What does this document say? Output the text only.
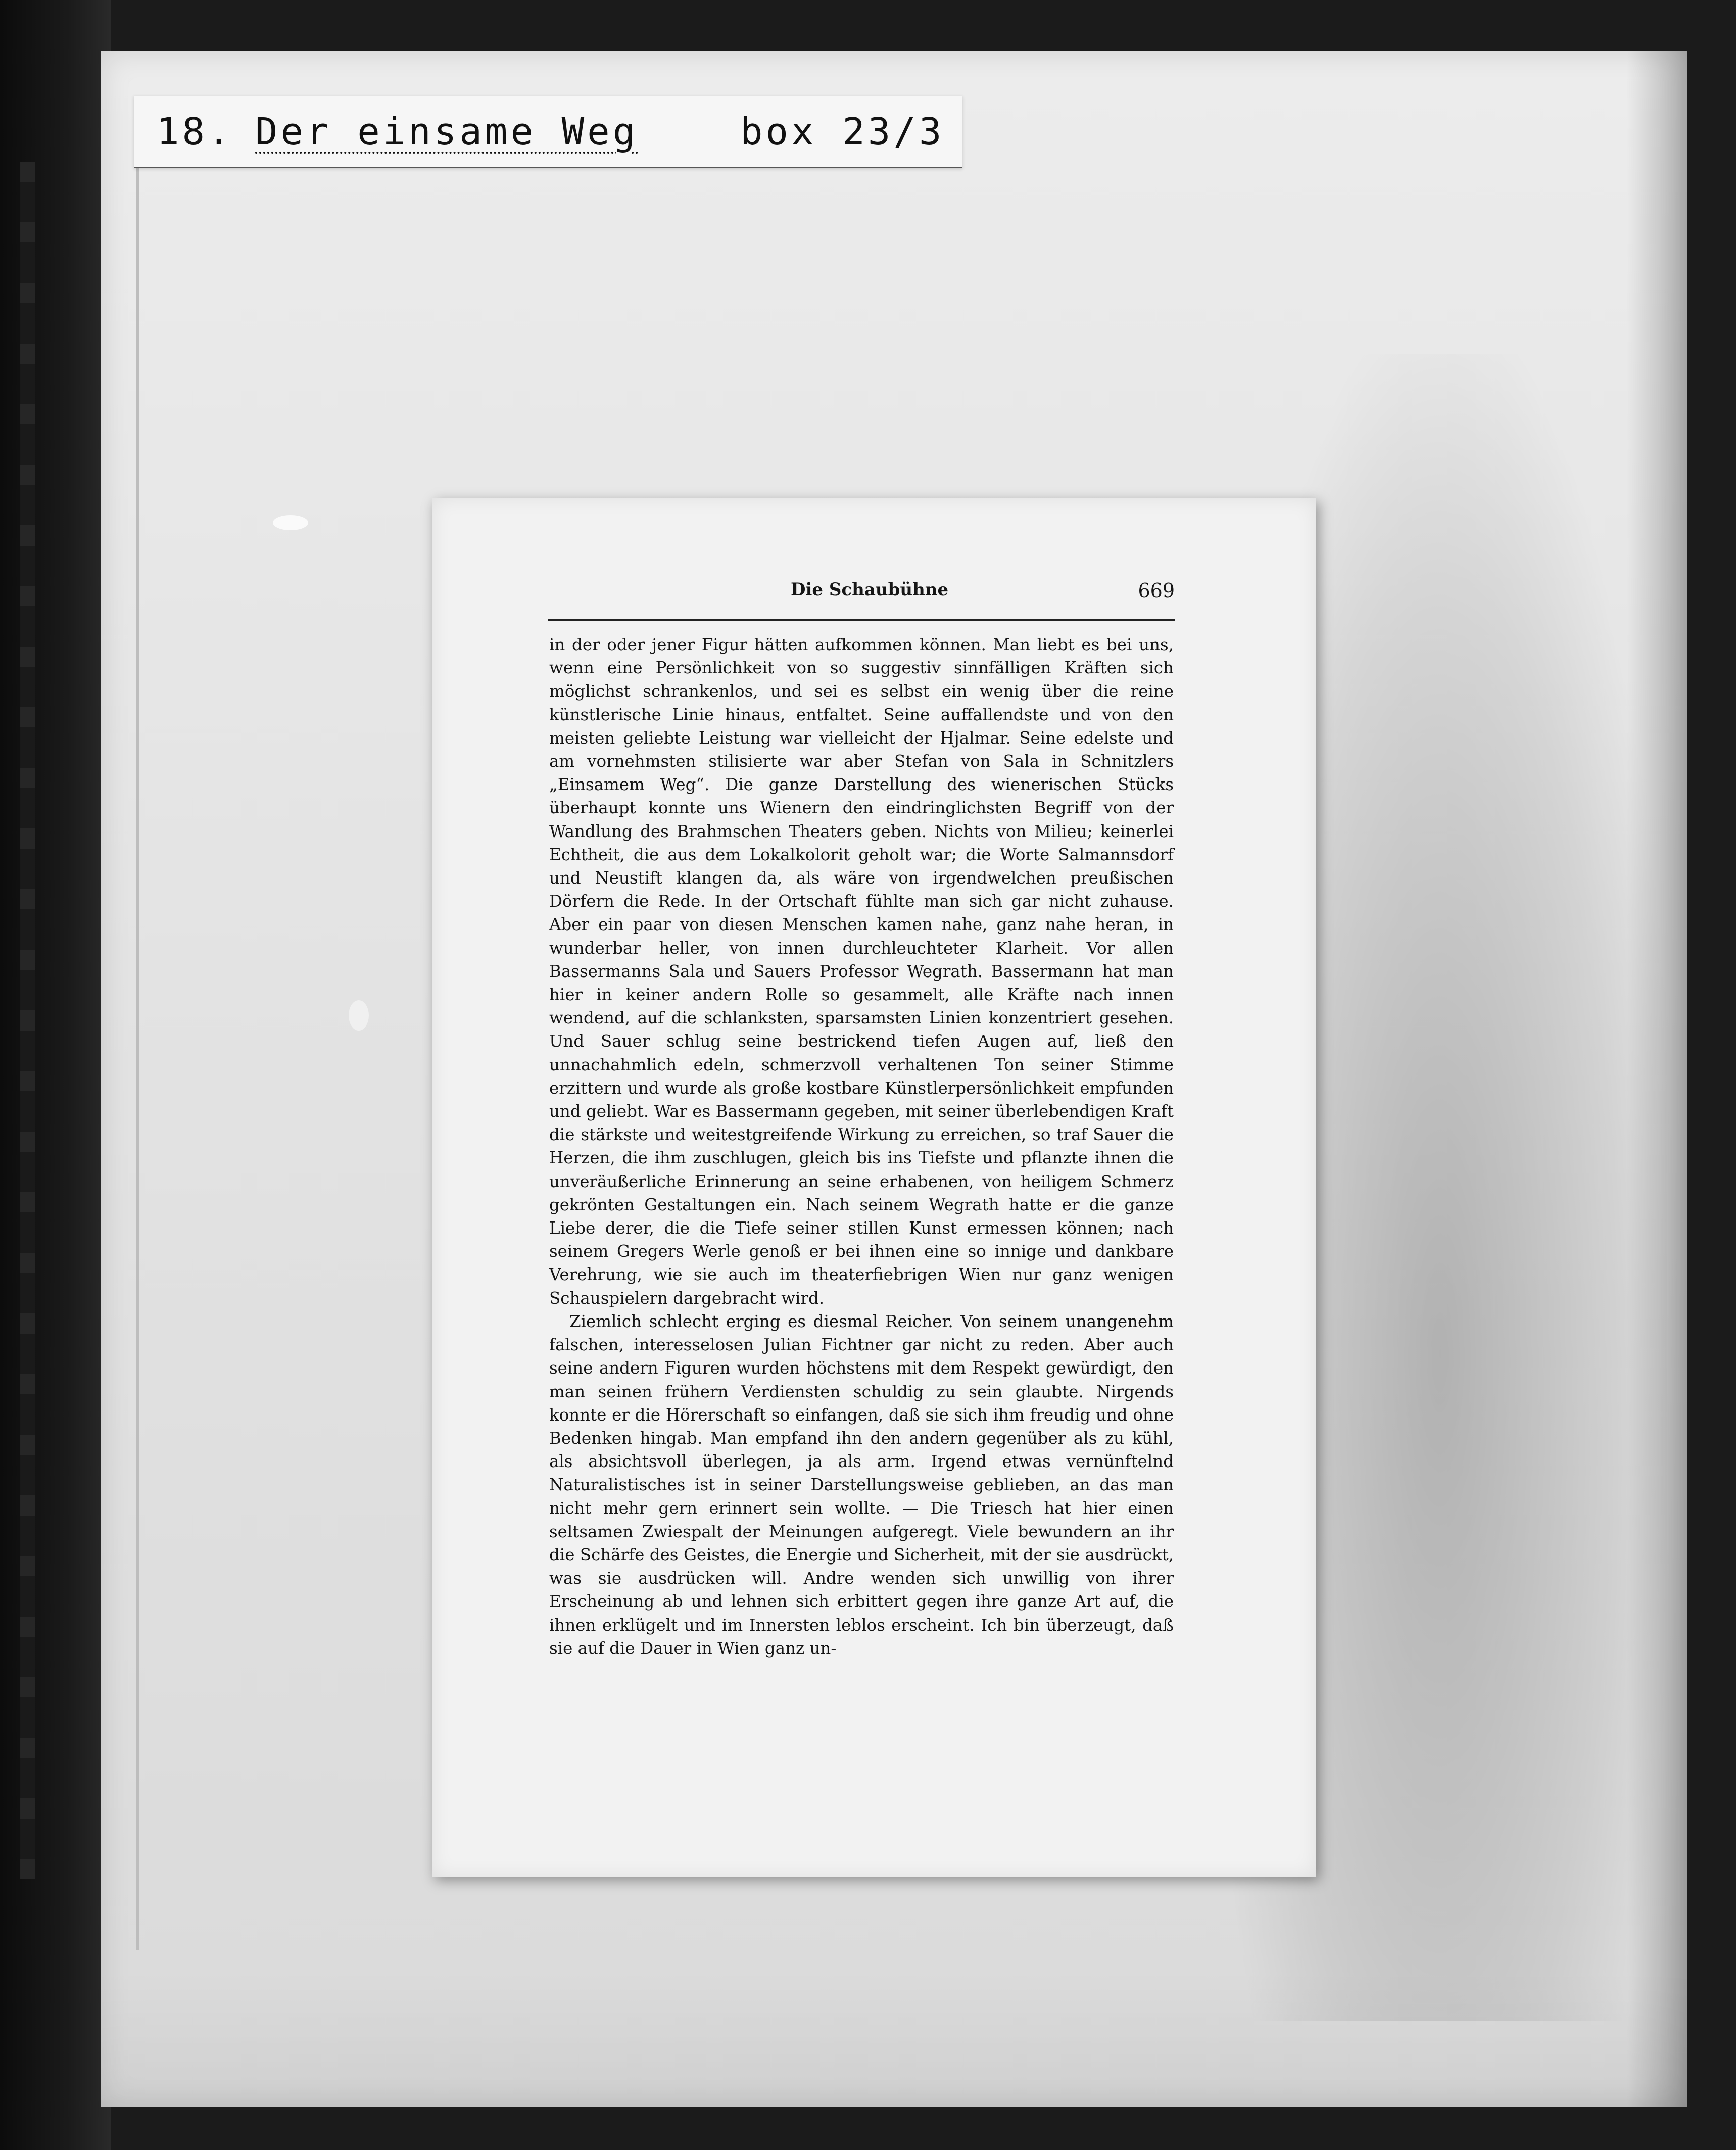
18. Der einsame Weg	box 23/3
Die Schaubühne	669

in der oder jener Figur hätten aufkommen können. Man liebt es bei uns, wenn eine Persönlichkeit von so suggestiv sinnfälligen Kräften sich möglichst schrankenlos, und sei es selbst ein wenig über die reine künstlerische Linie hinaus, entfaltet. Seine auffallendste und von den meisten geliebte Leistung war vielleicht der Hjalmar. Seine edelste und am vornehmsten stilisierte war aber Stefan von Sala in Schnitzlers „Einsamem Weg“. Die ganze Darstellung des wienerischen Stücks überhaupt konnte uns Wienern den eindringlichsten Begriff von der Wandlung des Brahmschen Theaters geben. Nichts von Milieu; keinerlei Echtheit, die aus dem Lokalkolorit geholt war; die Worte Salmannsdorf und Neustift klangen da, als wäre von irgendwelchen preußischen Dörfern die Rede. In der Ortschaft fühlte man sich gar nicht zuhause. Aber ein paar von diesen Menschen kamen nahe, ganz nahe heran, in wunderbar heller, von innen durchleuchteter Klarheit. Vor allen Bassermanns Sala und Sauers Professor Wegrath. Bassermann hat man hier in keiner andern Rolle so gesammelt, alle Kräfte nach innen wendend, auf die schlanksten, sparsamsten Linien konzentriert gesehen. Und Sauer schlug seine bestrickend tiefen Augen auf, ließ den unnachahmlich edeln, schmerzvoll verhaltenen Ton seiner Stimme erzittern und wurde als große kostbare Künstlerpersönlichkeit empfunden und geliebt. War es Bassermann gegeben, mit seiner überlebendigen Kraft die stärkste und weitestgreifende Wirkung zu erreichen, so traf Sauer die Herzen, die ihm zuschlugen, gleich bis ins Tiefste und pflanzte ihnen die unveräußerliche Erinnerung an seine erhabenen, von heiligem Schmerz gekrönten Gestaltungen ein. Nach seinem Wegrath hatte er die ganze Liebe derer, die die Tiefe seiner stillen Kunst ermessen können; nach seinem Gregers Werle genoß er bei ihnen eine so innige und dankbare Verehrung, wie sie auch im theaterfiebrigen Wien nur ganz wenigen Schauspielern dargebracht wird.

Ziemlich schlecht erging es diesmal Reicher. Von seinem unangenehm falschen, interesselosen Julian Fichtner gar nicht zu reden. Aber auch seine andern Figuren wurden höchstens mit dem Respekt gewürdigt, den man seinen frühern Verdiensten schuldig zu sein glaubte. Nirgends konnte er die Hörerschaft so einfangen, daß sie sich ihm freudig und ohne Bedenken hingab. Man empfand ihn den andern gegenüber als zu kühl, als absichtsvoll überlegen, ja als arm. Irgend etwas vernünftelnd Naturalistisches ist in seiner Darstellungsweise geblieben, an das man nicht mehr gern erinnert sein wollte. — Die Triesch hat hier einen seltsamen Zwiespalt der Meinungen aufgeregt. Viele bewundern an ihr die Schärfe des Geistes, die Energie und Sicherheit, mit der sie ausdrückt, was sie ausdrücken will. Andre wenden sich unwillig von ihrer Erscheinung ab und lehnen sich erbittert gegen ihre ganze Art auf, die ihnen erklügelt und im Innersten leblos erscheint. Ich bin überzeugt, daß sie auf die Dauer in Wien ganz un-
